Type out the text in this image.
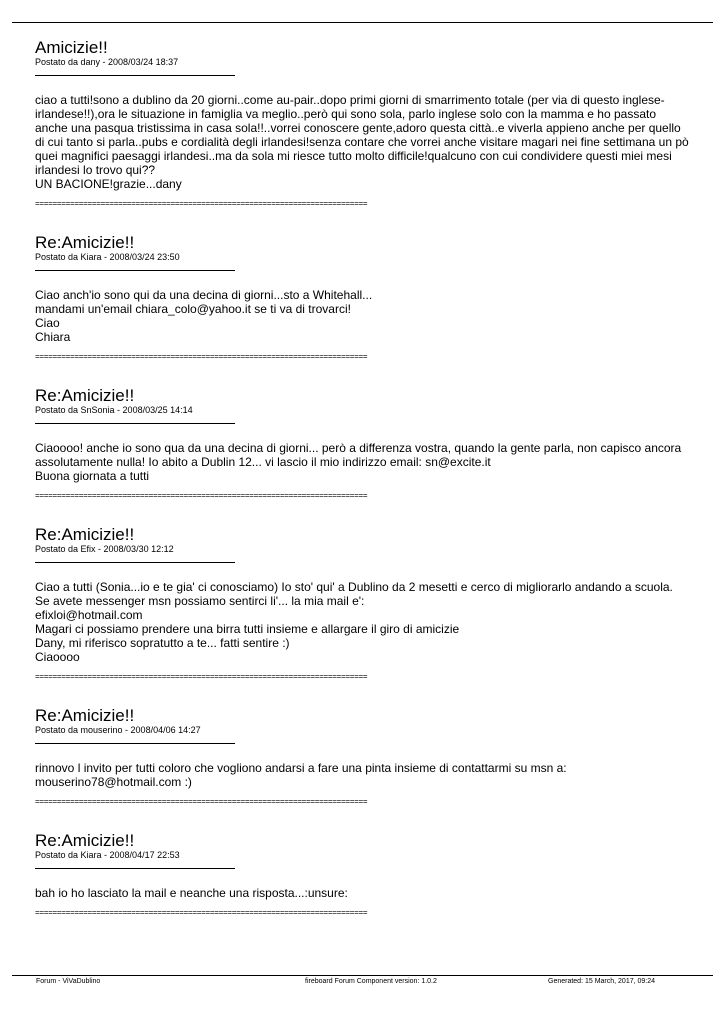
Amicizie!!
Postato da dany - 2008/03/24 18:37
ciao a tutti!sono a dublino da 20 giorni..come au-pair..dopo primi giorni di smarrimento totale (per via di questo inglese-
irlandese!!),ora le situazione in famiglia va meglio..però qui sono sola, parlo inglese solo con la mamma e ho passato
anche una pasqua tristissima in casa sola!!..vorrei conoscere gente,adoro questa città..e viverla appieno anche per quello
di cui tanto si parla..pubs e cordialità degli irlandesi!senza contare che vorrei anche visitare magari nei fine settimana un pò
quei magnifici paesaggi irlandesi..ma da sola mi riesce tutto molto difficile!qualcuno con cui condividere questi miei mesi
irlandesi lo trovo qui??
UN BACIONE!grazie...dany
============================================================================
Re:Amicizie!!
Postato da Kiara - 2008/03/24 23:50
Ciao anch'io sono qui da una decina di giorni...sto a Whitehall...
mandami un'email chiara_colo@yahoo.it se ti va di trovarci!
Ciao
Chiara
============================================================================
Re:Amicizie!!
Postato da SnSonia - 2008/03/25 14:14
Ciaoooo! anche io sono qua da una decina di giorni... però a differenza vostra, quando la gente parla, non capisco ancora
assolutamente nulla! Io abito a Dublin 12... vi lascio il mio indirizzo email: sn@excite.it
Buona giornata a tutti
============================================================================
Re:Amicizie!!
Postato da Efix - 2008/03/30 12:12
Ciao a tutti (Sonia...io e te gia' ci conosciamo) Io sto' qui' a Dublino da 2 mesetti e cerco di migliorarlo andando a scuola.
Se avete messenger msn possiamo sentirci li'... la mia mail e':
efixloi@hotmail.com
Magari ci possiamo prendere una birra tutti insieme e allargare il giro di amicizie
Dany, mi riferisco sopratutto a te... fatti sentire :)
Ciaoooo
============================================================================
Re:Amicizie!!
Postato da mouserino - 2008/04/06 14:27
rinnovo l invito per tutti coloro che vogliono andarsi a fare una pinta insieme di contattarmi su msn a:
mouserino78@hotmail.com :)
============================================================================
Re:Amicizie!!
Postato da Kiara - 2008/04/17 22:53
bah io ho lasciato la mail e neanche una risposta...:unsure:
============================================================================
Forum - ViVaDublino	fireboard Forum Component version: 1.0.2	Generated: 15 March, 2017, 09:24
